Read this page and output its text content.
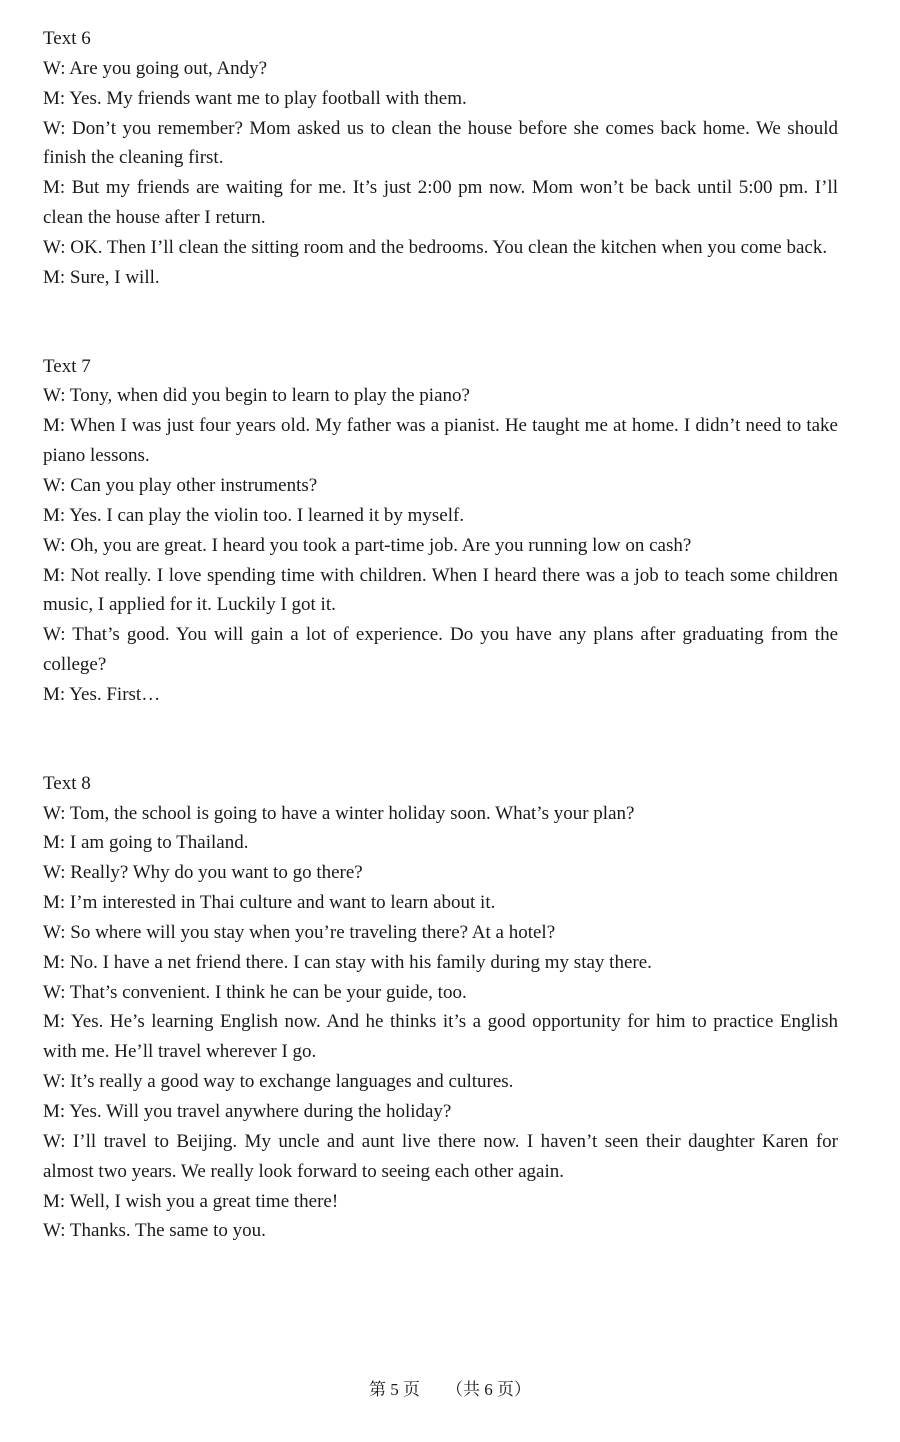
Text 6

W: Are you going out, Andy?

M: Yes. My friends want me to play football with them.

W: Don’t you remember? Mom asked us to clean the house before she comes back home. We should finish the cleaning first.

M: But my friends are waiting for me. It’s just 2:00 pm now. Mom won’t be back until 5:00 pm. I’ll clean the house after I return.

W: OK. Then I’ll clean the sitting room and the bedrooms. You clean the kitchen when you come back.

M: Sure, I will.

Text 7

W: Tony, when did you begin to learn to play the piano?

M: When I was just four years old. My father was a pianist. He taught me at home. I didn’t need to take piano lessons.

W: Can you play other instruments?

M: Yes. I can play the violin too. I learned it by myself.

W: Oh, you are great. I heard you took a part-time job. Are you running low on cash?

M: Not really. I love spending time with children. When I heard there was a job to teach some children music, I applied for it. Luckily I got it.

W: That’s good. You will gain a lot of experience. Do you have any plans after graduating from the college?

M: Yes. First…

Text 8

W: Tom, the school is going to have a winter holiday soon. What’s your plan?

M: I am going to Thailand.

W: Really? Why do you want to go there?

M: I’m interested in Thai culture and want to learn about it.

W: So where will you stay when you’re traveling there? At a hotel?

M: No. I have a net friend there. I can stay with his family during my stay there.

W: That’s convenient. I think he can be your guide, too.

M: Yes. He’s learning English now. And he thinks it’s a good opportunity for him to practice English with me. He’ll travel wherever I go.

W: It’s really a good way to exchange languages and cultures.

M: Yes. Will you travel anywhere during the holiday?

W: I’ll travel to Beijing. My uncle and aunt live there now. I haven’t seen their daughter Karen for almost two years. We really look forward to seeing each other again.

M: Well, I wish you a great time there!

W: Thanks. The same to you.

第 5 页 （共 6 页）
